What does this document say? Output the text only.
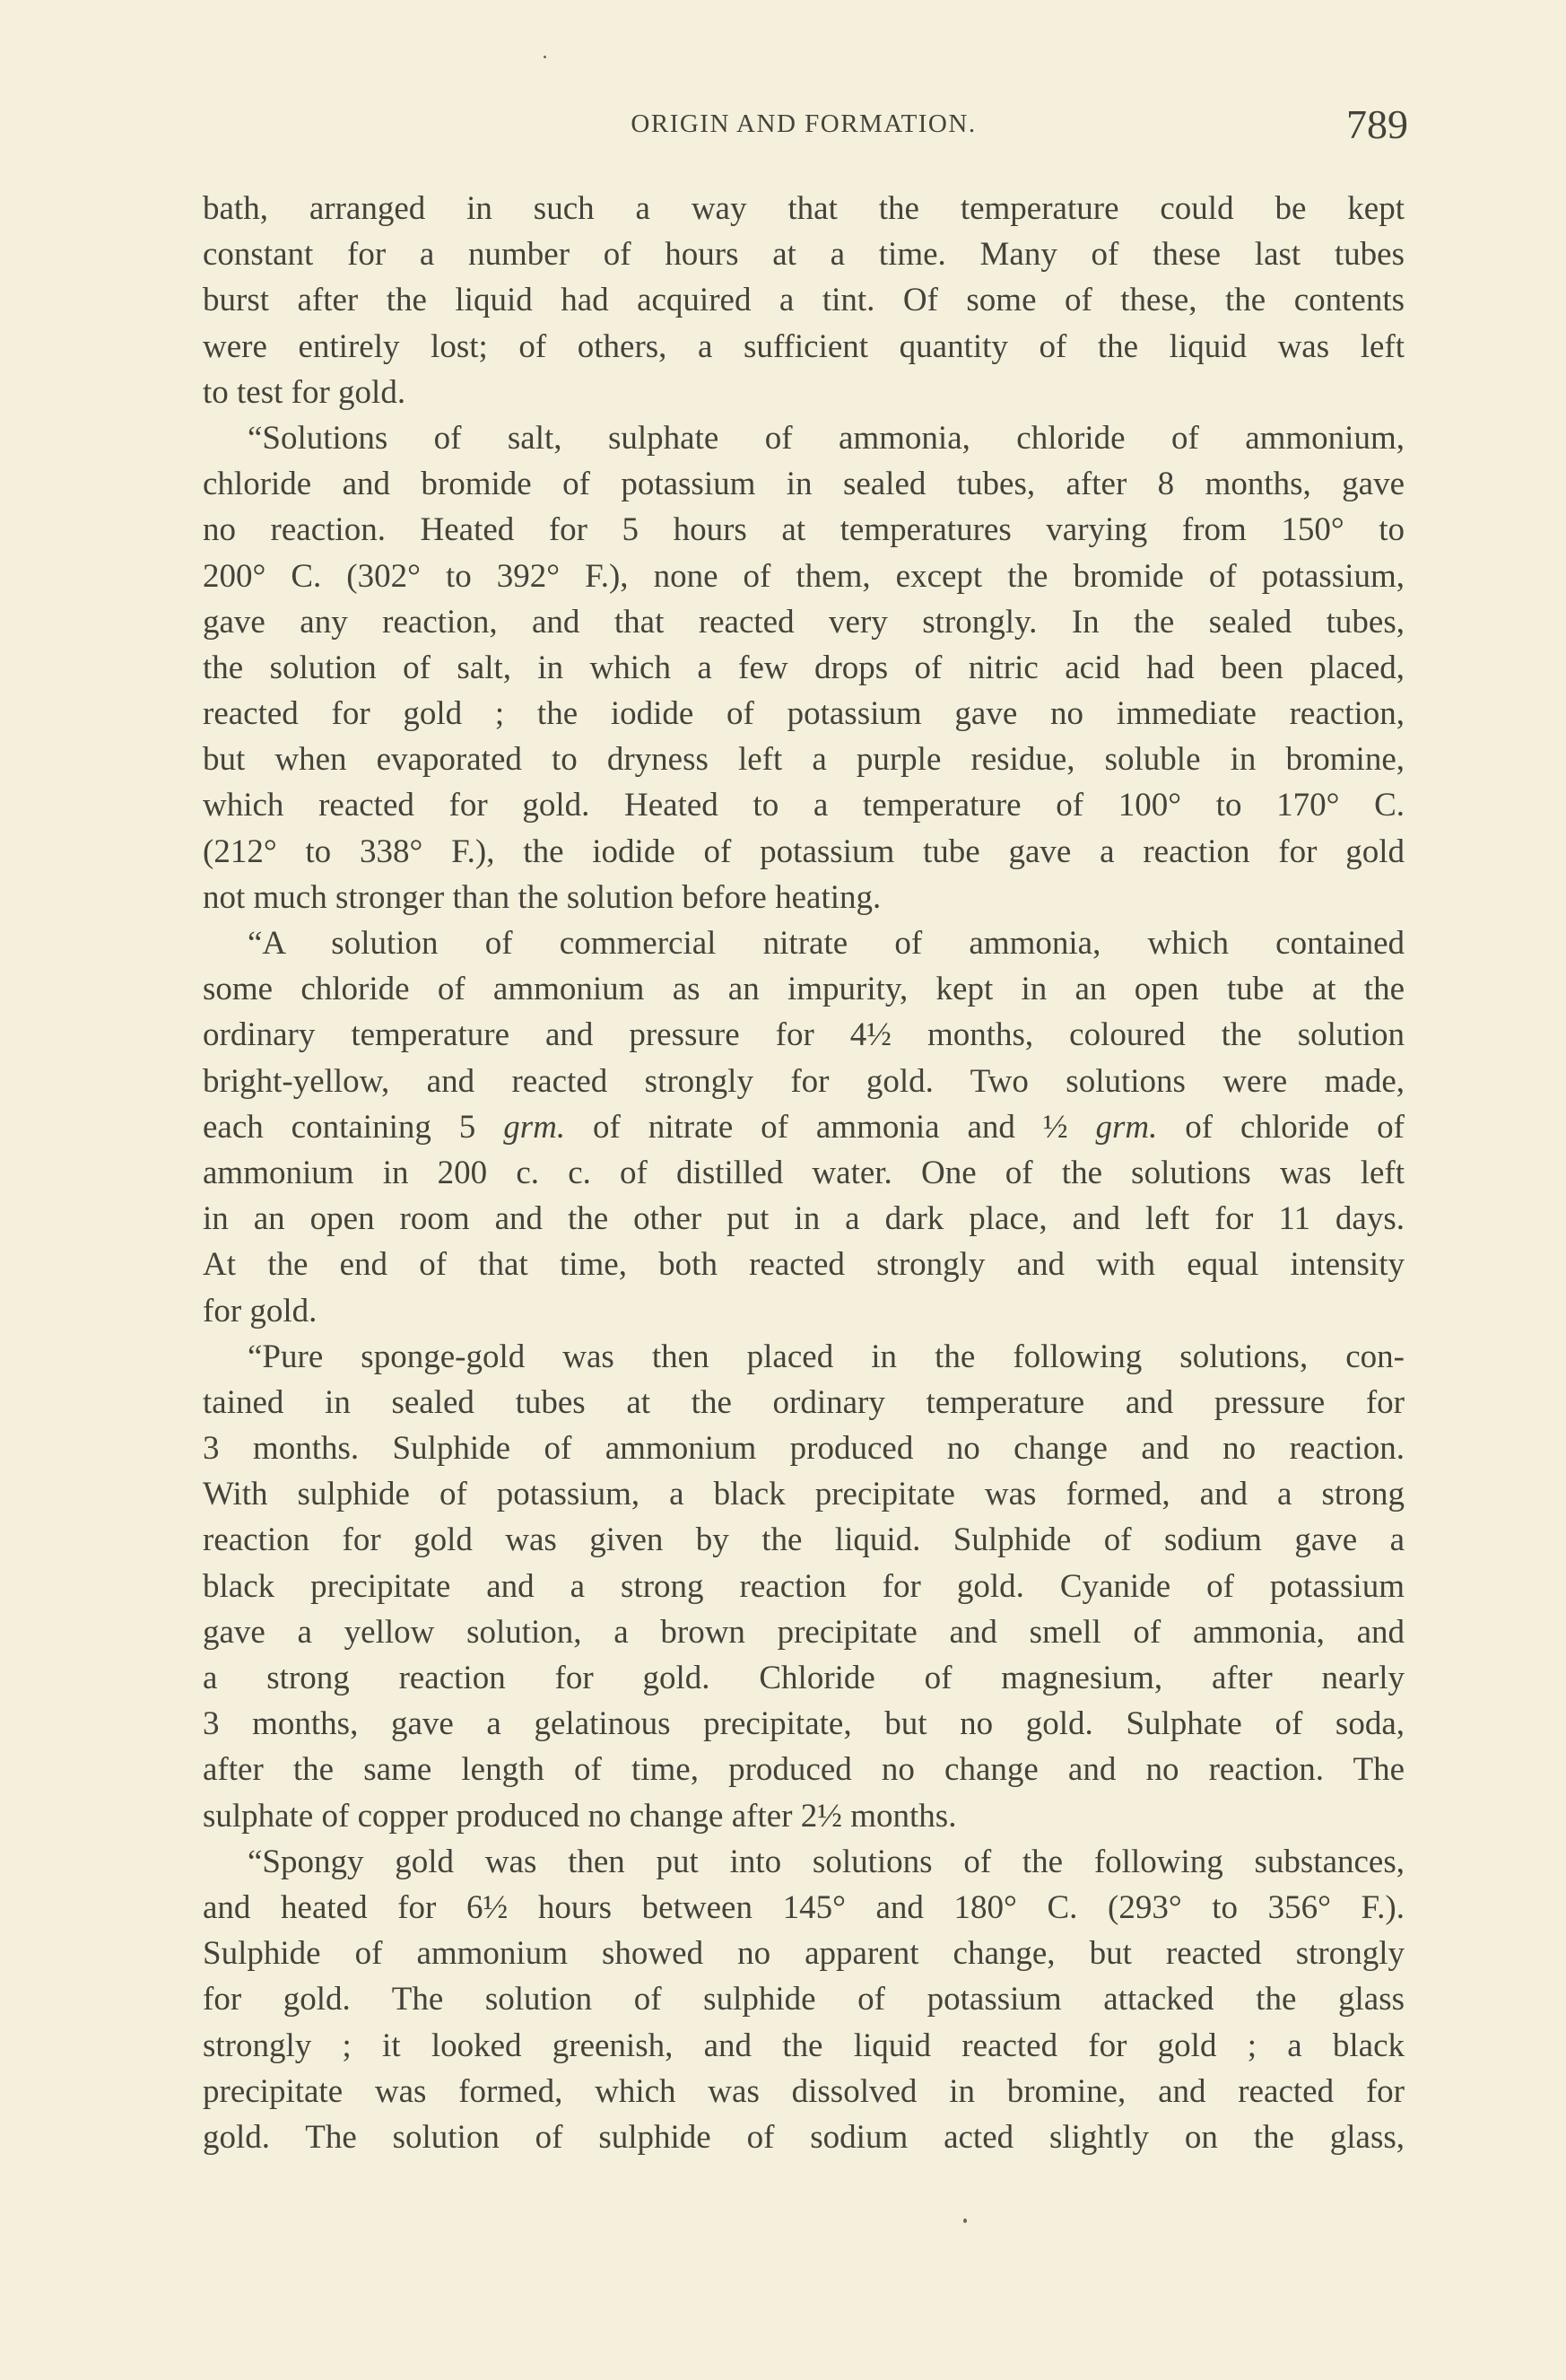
ORIGIN AND FORMATION.	789
bath, arranged in such a way that the temperature could be kept
constant for a number of hours at a time. Many of these last tubes
burst after the liquid had acquired a tint. Of some of these, the contents
were entirely lost; of others, a sufficient quantity of the liquid was left
to test for gold.
“Solutions of salt, sulphate of ammonia, chloride of ammonium,
chloride and bromide of potassium in sealed tubes, after 8 months, gave
no reaction. Heated for 5 hours at temperatures varying from 150° to
200° C. (302° to 392° F.), none of them, except the bromide of potassium,
gave any reaction, and that reacted very strongly. In the sealed tubes,
the solution of salt, in which a few drops of nitric acid had been placed,
reacted for gold ; the iodide of potassium gave no immediate reaction,
but when evaporated to dryness left a purple residue, soluble in bromine,
which reacted for gold. Heated to a temperature of 100° to 170° C.
(212° to 338° F.), the iodide of potassium tube gave a reaction for gold
not much stronger than the solution before heating.
“A solution of commercial nitrate of ammonia, which contained
some chloride of ammonium as an impurity, kept in an open tube at the
ordinary temperature and pressure for 4½ months, coloured the solution
bright-yellow, and reacted strongly for gold. Two solutions were made,
each containing 5 grm. of nitrate of ammonia and ½ grm. of chloride of
ammonium in 200 c. c. of distilled water. One of the solutions was left
in an open room and the other put in a dark place, and left for 11 days.
At the end of that time, both reacted strongly and with equal intensity
for gold.
“Pure sponge-gold was then placed in the following solutions, con-
tained in sealed tubes at the ordinary temperature and pressure for
3 months. Sulphide of ammonium produced no change and no reaction.
With sulphide of potassium, a black precipitate was formed, and a strong
reaction for gold was given by the liquid. Sulphide of sodium gave a
black precipitate and a strong reaction for gold. Cyanide of potassium
gave a yellow solution, a brown precipitate and smell of ammonia, and
a strong reaction for gold. Chloride of magnesium, after nearly
3 months, gave a gelatinous precipitate, but no gold. Sulphate of soda,
after the same length of time, produced no change and no reaction. The
sulphate of copper produced no change after 2½ months.
“Spongy gold was then put into solutions of the following substances,
and heated for 6½ hours between 145° and 180° C. (293° to 356° F.).
Sulphide of ammonium showed no apparent change, but reacted strongly
for gold. The solution of sulphide of potassium attacked the glass
strongly ; it looked greenish, and the liquid reacted for gold ; a black
precipitate was formed, which was dissolved in bromine, and reacted for
gold. The solution of sulphide of sodium acted slightly on the glass,
